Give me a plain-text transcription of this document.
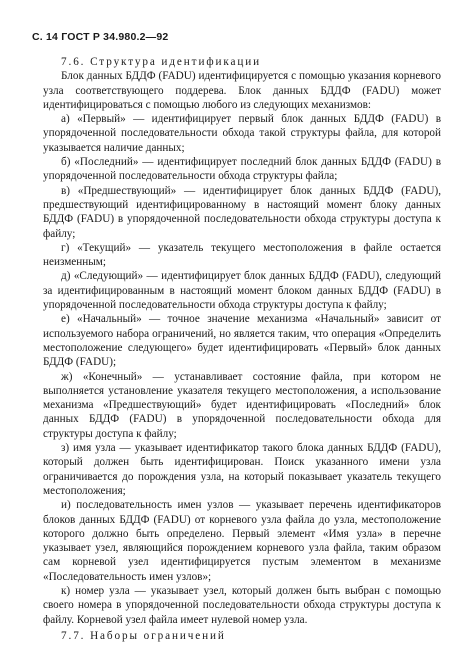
С. 14 ГОСТ Р 34.980.2—92

7.6. Структура идентификации

Блок данных БДДФ (FADU) идентифицируется с помощью указания корневого узла соответствующего поддерева. Блок данных БДДФ (FADU) может идентифицироваться с помощью любого из следующих механизмов:

а) «Первый» — идентифицирует первый блок данных БДДФ (FADU) в упорядоченной последовательности обхода такой структуры файла, для которой указывается наличие данных;

б) «Последний» — идентифицирует последний блок данных БДДФ (FADU) в упорядоченной последовательности обхода структуры файла;

в) «Предшествующий» — идентифицирует блок данных БДДФ (FADU), предшествующий идентифицированному в настоящий момент блоку данных БДДФ (FADU) в упорядоченной последовательности обхода структуры доступа к файлу;

г) «Текущий» — указатель текущего местоположения в файле остается неизменным;

д) «Следующий» — идентифицирует блок данных БДДФ (FADU), следующий за идентифицированным в настоящий момент блоком данных БДДФ (FADU) в упорядоченной последовательности обхода структуры доступа к файлу;

е) «Начальный» — точное значение механизма «Начальный» зависит от используемого набора ограничений, но является таким, что операция «Определить местоположение следующего» будет идентифицировать «Первый» блок данных БДДФ (FADU);

ж) «Конечный» — устанавливает состояние файла, при котором не выполняется установление указателя текущего местоположения, а использование механизма «Предшествующий» будет идентифицировать «Последний» блок данных БДДФ (FADU) в упорядоченной последовательности обхода для структуры доступа к файлу;

з) имя узла — указывает идентификатор такого блока данных БДДФ (FADU), который должен быть идентифицирован. Поиск указанного имени узла ограничивается до порождения узла, на который показывает указатель текущего местоположения;

и) последовательность имен узлов — указывает перечень идентификаторов блоков данных БДДФ (FADU) от корневого узла файла до узла, местоположение которого должно быть определено. Первый элемент «Имя узла» в перечне указывает узел, являющийся порождением корневого узла файла, таким образом сам корневой узел идентифицируется пустым элементом в механизме «Последовательность имен узлов»;

к) номер узла — указывает узел, который должен быть выбран с помощью своего номера в упорядоченной последовательности обхода структуры доступа к файлу. Корневой узел файла имеет нулевой номер узла.

7.7. Наборы ограничений
